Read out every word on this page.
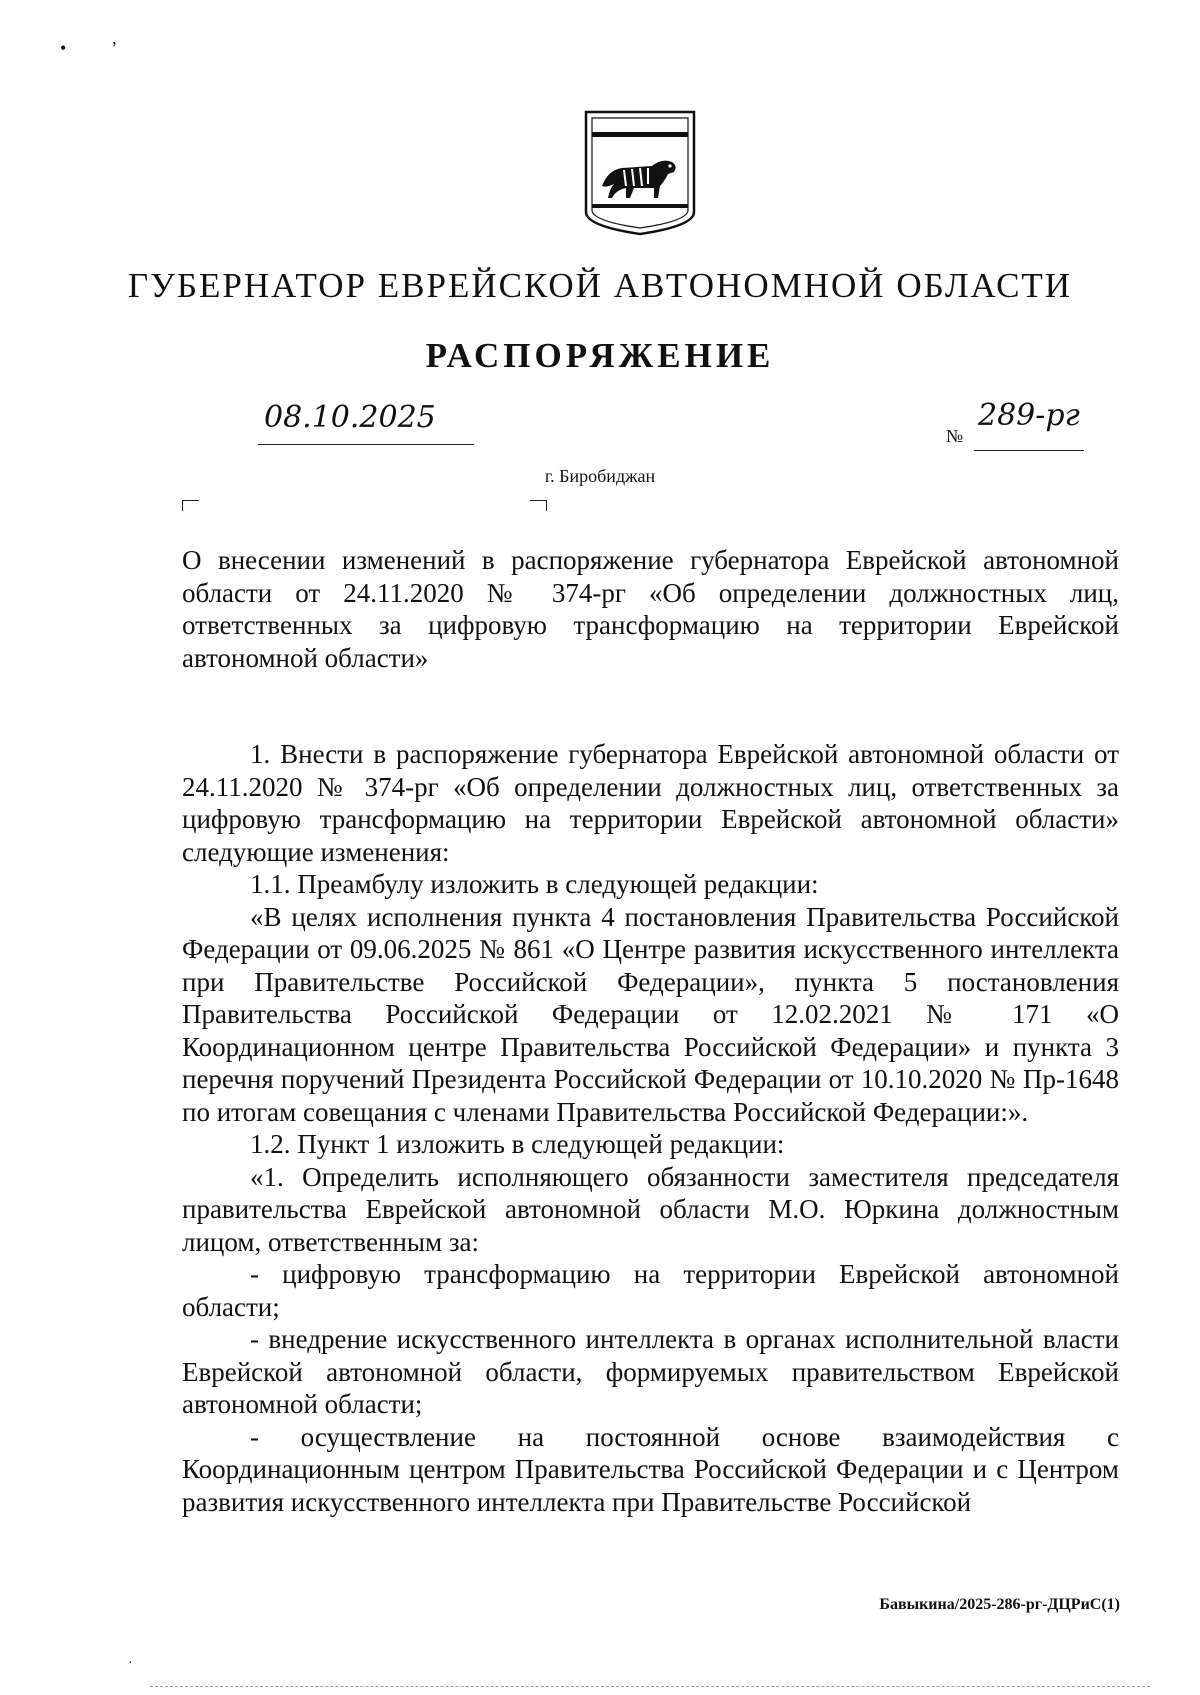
•          ʼ
ГУБЕРНАТОР ЕВРЕЙСКОЙ АВТОНОМНОЙ ОБЛАСТИ
РАСПОРЯЖЕНИЕ
08.10.2025
№
289-рг
г. Биробиджан
О внесении изменений в распоряжение губернатора Еврейской автономной области от 24.11.2020 № 374-рг «Об определении должностных лиц, ответственных за цифровую трансформацию на территории Еврейской автономной области»

1. Внести в распоряжение губернатора Еврейской автономной области от 24.11.2020 № 374-рг «Об определении должностных лиц, ответственных за цифровую трансформацию на территории Еврейской автономной области» следующие изменения:

1.1. Преамбулу изложить в следующей редакции:

«В целях исполнения пункта 4 постановления Правительства Российской Федерации от 09.06.2025 № 861 «О Центре развития искусственного интеллекта при Правительстве Российской Федерации», пункта 5 постановления Правительства Российской Федерации от 12.02.2021 № 171 «О Координационном центре Правительства Российской Федерации» и пункта 3 перечня поручений Президента Российской Федерации от 10.10.2020 № Пр-1648 по итогам совещания с членами Правительства Российской Федерации:».

1.2. Пункт 1 изложить в следующей редакции:

«1. Определить исполняющего обязанности заместителя председателя правительства Еврейской автономной области М.О. Юркина должностным лицом, ответственным за:

- цифровую трансформацию на территории Еврейской автономной области;

- внедрение искусственного интеллекта в органах исполнительной власти Еврейской автономной области, формируемых правительством Еврейской автономной области;

- осуществление на постоянной основе взаимодействия с Координационным центром Правительства Российской Федерации и с Центром развития искусственного интеллекта при Правительстве Российской

Бавыкина/2025-286-рг-ДЦРиС(1)
·
